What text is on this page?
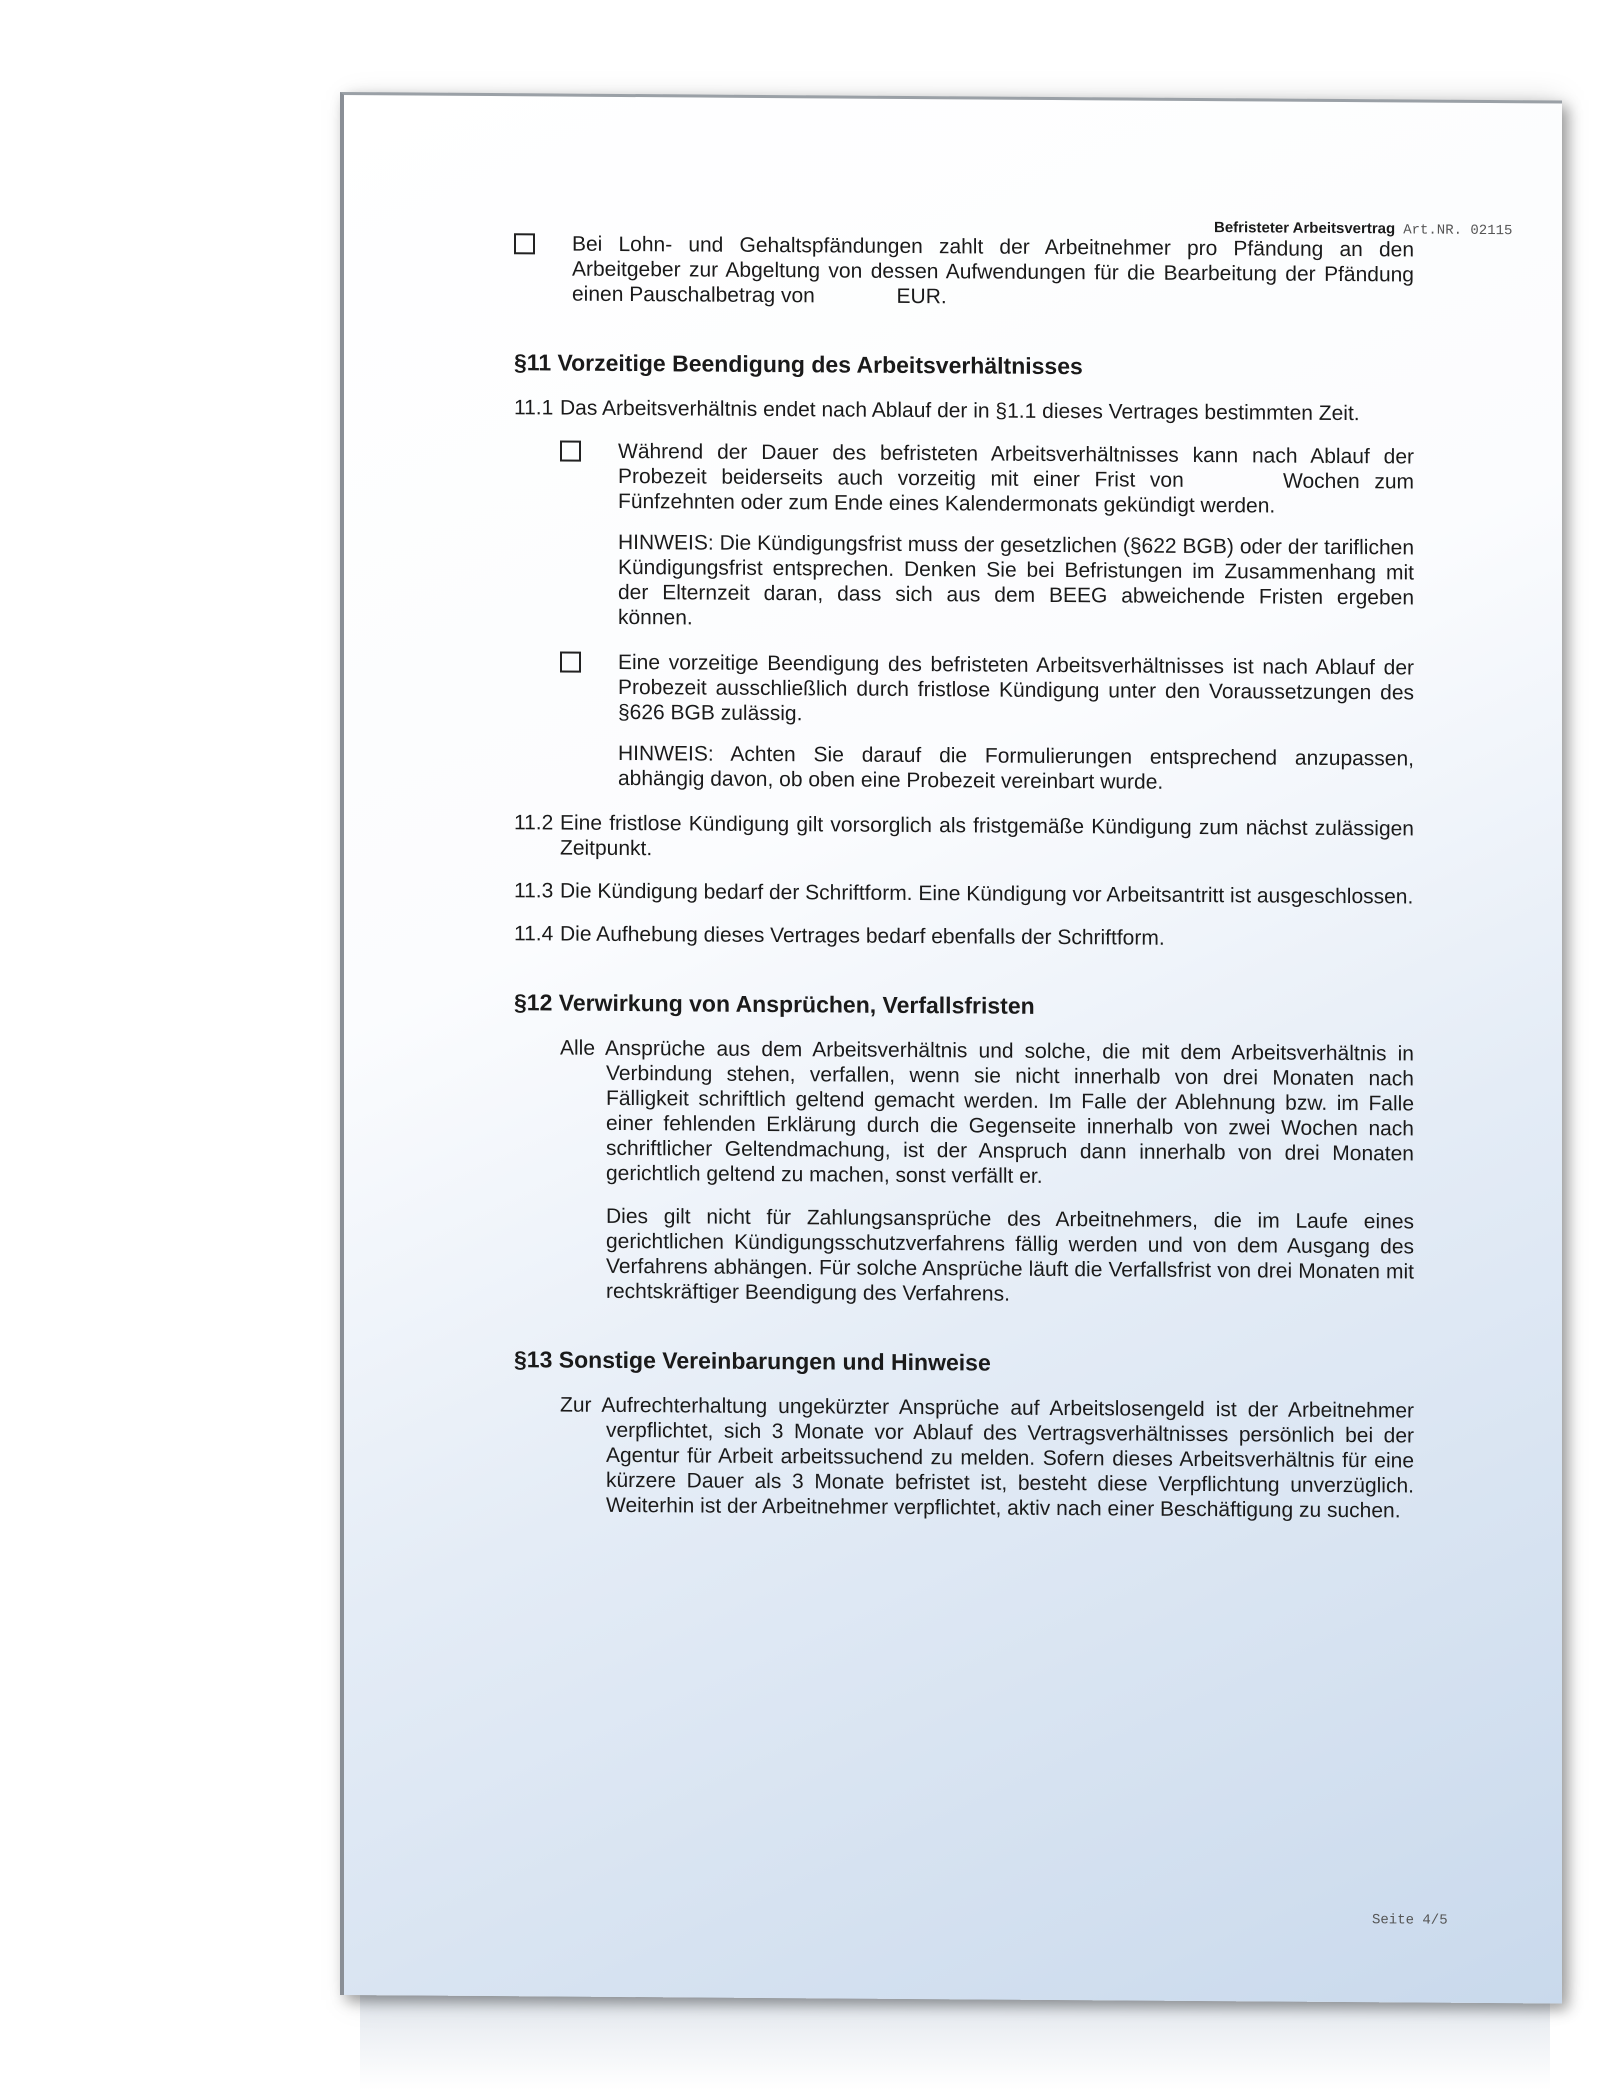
Befristeter Arbeitsvertrag Art.NR. 02115
Bei Lohn- und Gehaltspfändungen zahlt der Arbeitnehmer pro Pfändung an den Arbeitgeber zur Abgeltung von dessen Aufwendungen für die Bearbeitung der Pfändung einen Pauschalbetrag von	EUR.
§11 Vorzeitige Beendigung des Arbeitsverhältnisses
11.1 Das Arbeitsverhältnis endet nach Ablauf der in §1.1 dieses Vertrages bestimmten Zeit.
Während der Dauer des befristeten Arbeitsverhältnisses kann nach Ablauf der Probezeit beiderseits auch vorzeitig mit einer Frist von	Wochen zum Fünfzehnten oder zum Ende eines Kalendermonats gekündigt werden.
HINWEIS: Die Kündigungsfrist muss der gesetzlichen (§622 BGB) oder der tariflichen Kündigungsfrist entsprechen. Denken Sie bei Befristungen im Zusammenhang mit der Elternzeit daran, dass sich aus dem BEEG abweichende Fristen ergeben können.
Eine vorzeitige Beendigung des befristeten Arbeitsverhältnisses ist nach Ablauf der Probezeit ausschließlich durch fristlose Kündigung unter den Voraussetzungen des §626 BGB zulässig.
HINWEIS: Achten Sie darauf die Formulierungen entsprechend anzupassen, abhängig davon, ob oben eine Probezeit vereinbart wurde.
11.2 Eine fristlose Kündigung gilt vorsorglich als fristgemäße Kündigung zum nächst zulässigen Zeitpunkt.
11.3 Die Kündigung bedarf der Schriftform. Eine Kündigung vor Arbeitsantritt ist ausgeschlossen.
11.4 Die Aufhebung dieses Vertrages bedarf ebenfalls der Schriftform.
§12 Verwirkung von Ansprüchen, Verfallsfristen
Alle Ansprüche aus dem Arbeitsverhältnis und solche, die mit dem Arbeitsverhältnis in Verbindung stehen, verfallen, wenn sie nicht innerhalb von drei Monaten nach Fälligkeit schriftlich geltend gemacht werden. Im Falle der Ablehnung bzw. im Falle einer fehlenden Erklärung durch die Gegenseite innerhalb von zwei Wochen nach schriftlicher Geltendmachung, ist der Anspruch dann innerhalb von drei Monaten gerichtlich geltend zu machen, sonst verfällt er.
Dies gilt nicht für Zahlungsansprüche des Arbeitnehmers, die im Laufe eines gerichtlichen Kündigungsschutzverfahrens fällig werden und von dem Ausgang des Verfahrens abhängen. Für solche Ansprüche läuft die Verfallsfrist von drei Monaten mit rechtskräftiger Beendigung des Verfahrens.
§13 Sonstige Vereinbarungen und Hinweise
Zur Aufrechterhaltung ungekürzter Ansprüche auf Arbeitslosengeld ist der Arbeitnehmer verpflichtet, sich 3 Monate vor Ablauf des Vertragsverhältnisses persönlich bei der Agentur für Arbeit arbeitssuchend zu melden. Sofern dieses Arbeitsverhältnis für eine kürzere Dauer als 3 Monate befristet ist, besteht diese Verpflichtung unverzüglich. Weiterhin ist der Arbeitnehmer verpflichtet, aktiv nach einer Beschäftigung zu suchen.
Seite 4/5
